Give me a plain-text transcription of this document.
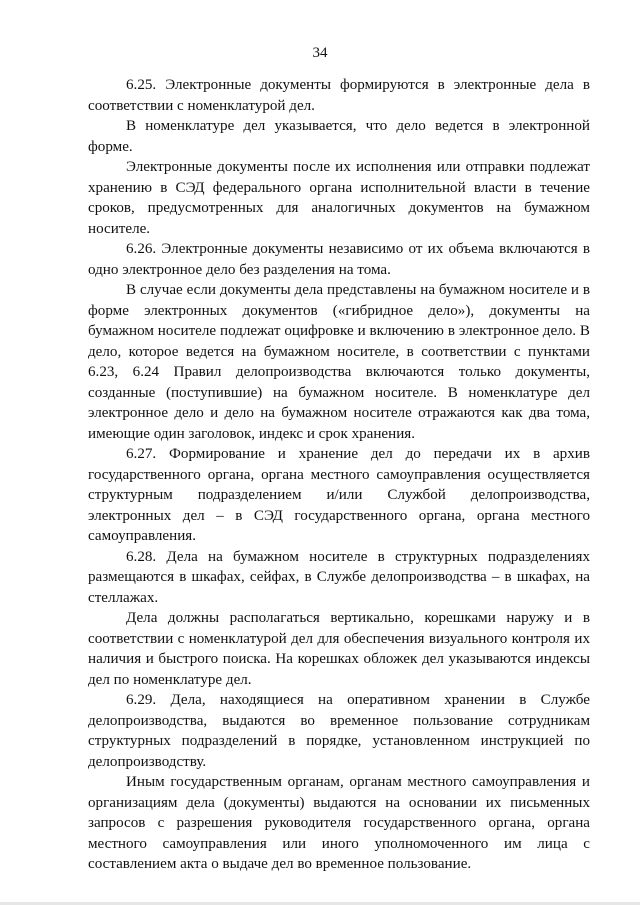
34

6.25. Электронные документы формируются в электронные дела в соответствии с номенклатурой дел.

В номенклатуре дел указывается, что дело ведется в электронной форме.

Электронные документы после их исполнения или отправки подлежат хранению в СЭД федерального органа исполнительной власти в течение сроков, предусмотренных для аналогичных документов на бумажном носителе.

6.26. Электронные документы независимо от их объема включаются в одно электронное дело без разделения на тома.

В случае если документы дела представлены на бумажном носителе и в форме электронных документов («гибридное дело»), документы на бумажном носителе подлежат оцифровке и включению в электронное дело. В дело, которое ведется на бумажном носителе, в соответствии с пунктами 6.23, 6.24 Правил делопроизводства включаются только документы, созданные (поступившие) на бумажном носителе. В номенклатуре дел электронное дело и дело на бумажном носителе отражаются как два тома, имеющие один заголовок, индекс и срок хранения.

6.27. Формирование и хранение дел до передачи их в архив государственного органа, органа местного самоуправления осуществляется структурным подразделением и/или Службой делопроизводства, электронных дел – в СЭД государственного органа, органа местного самоуправления.

6.28. Дела на бумажном носителе в структурных подразделениях размещаются в шкафах, сейфах, в Службе делопроизводства – в шкафах, на стеллажах.

Дела должны располагаться вертикально, корешками наружу и в соответствии с номенклатурой дел для обеспечения визуального контроля их наличия и быстрого поиска. На корешках обложек дел указываются индексы дел по номенклатуре дел.

6.29. Дела, находящиеся на оперативном хранении в Службе делопроизводства, выдаются во временное пользование сотрудникам структурных подразделений в порядке, установленном инструкцией по делопроизводству.

Иным государственным органам, органам местного самоуправления и организациям дела (документы) выдаются на основании их письменных запросов с разрешения руководителя государственного органа, органа местного самоуправления или иного уполномоченного им лица с составлением акта о выдаче дел во временное пользование.
